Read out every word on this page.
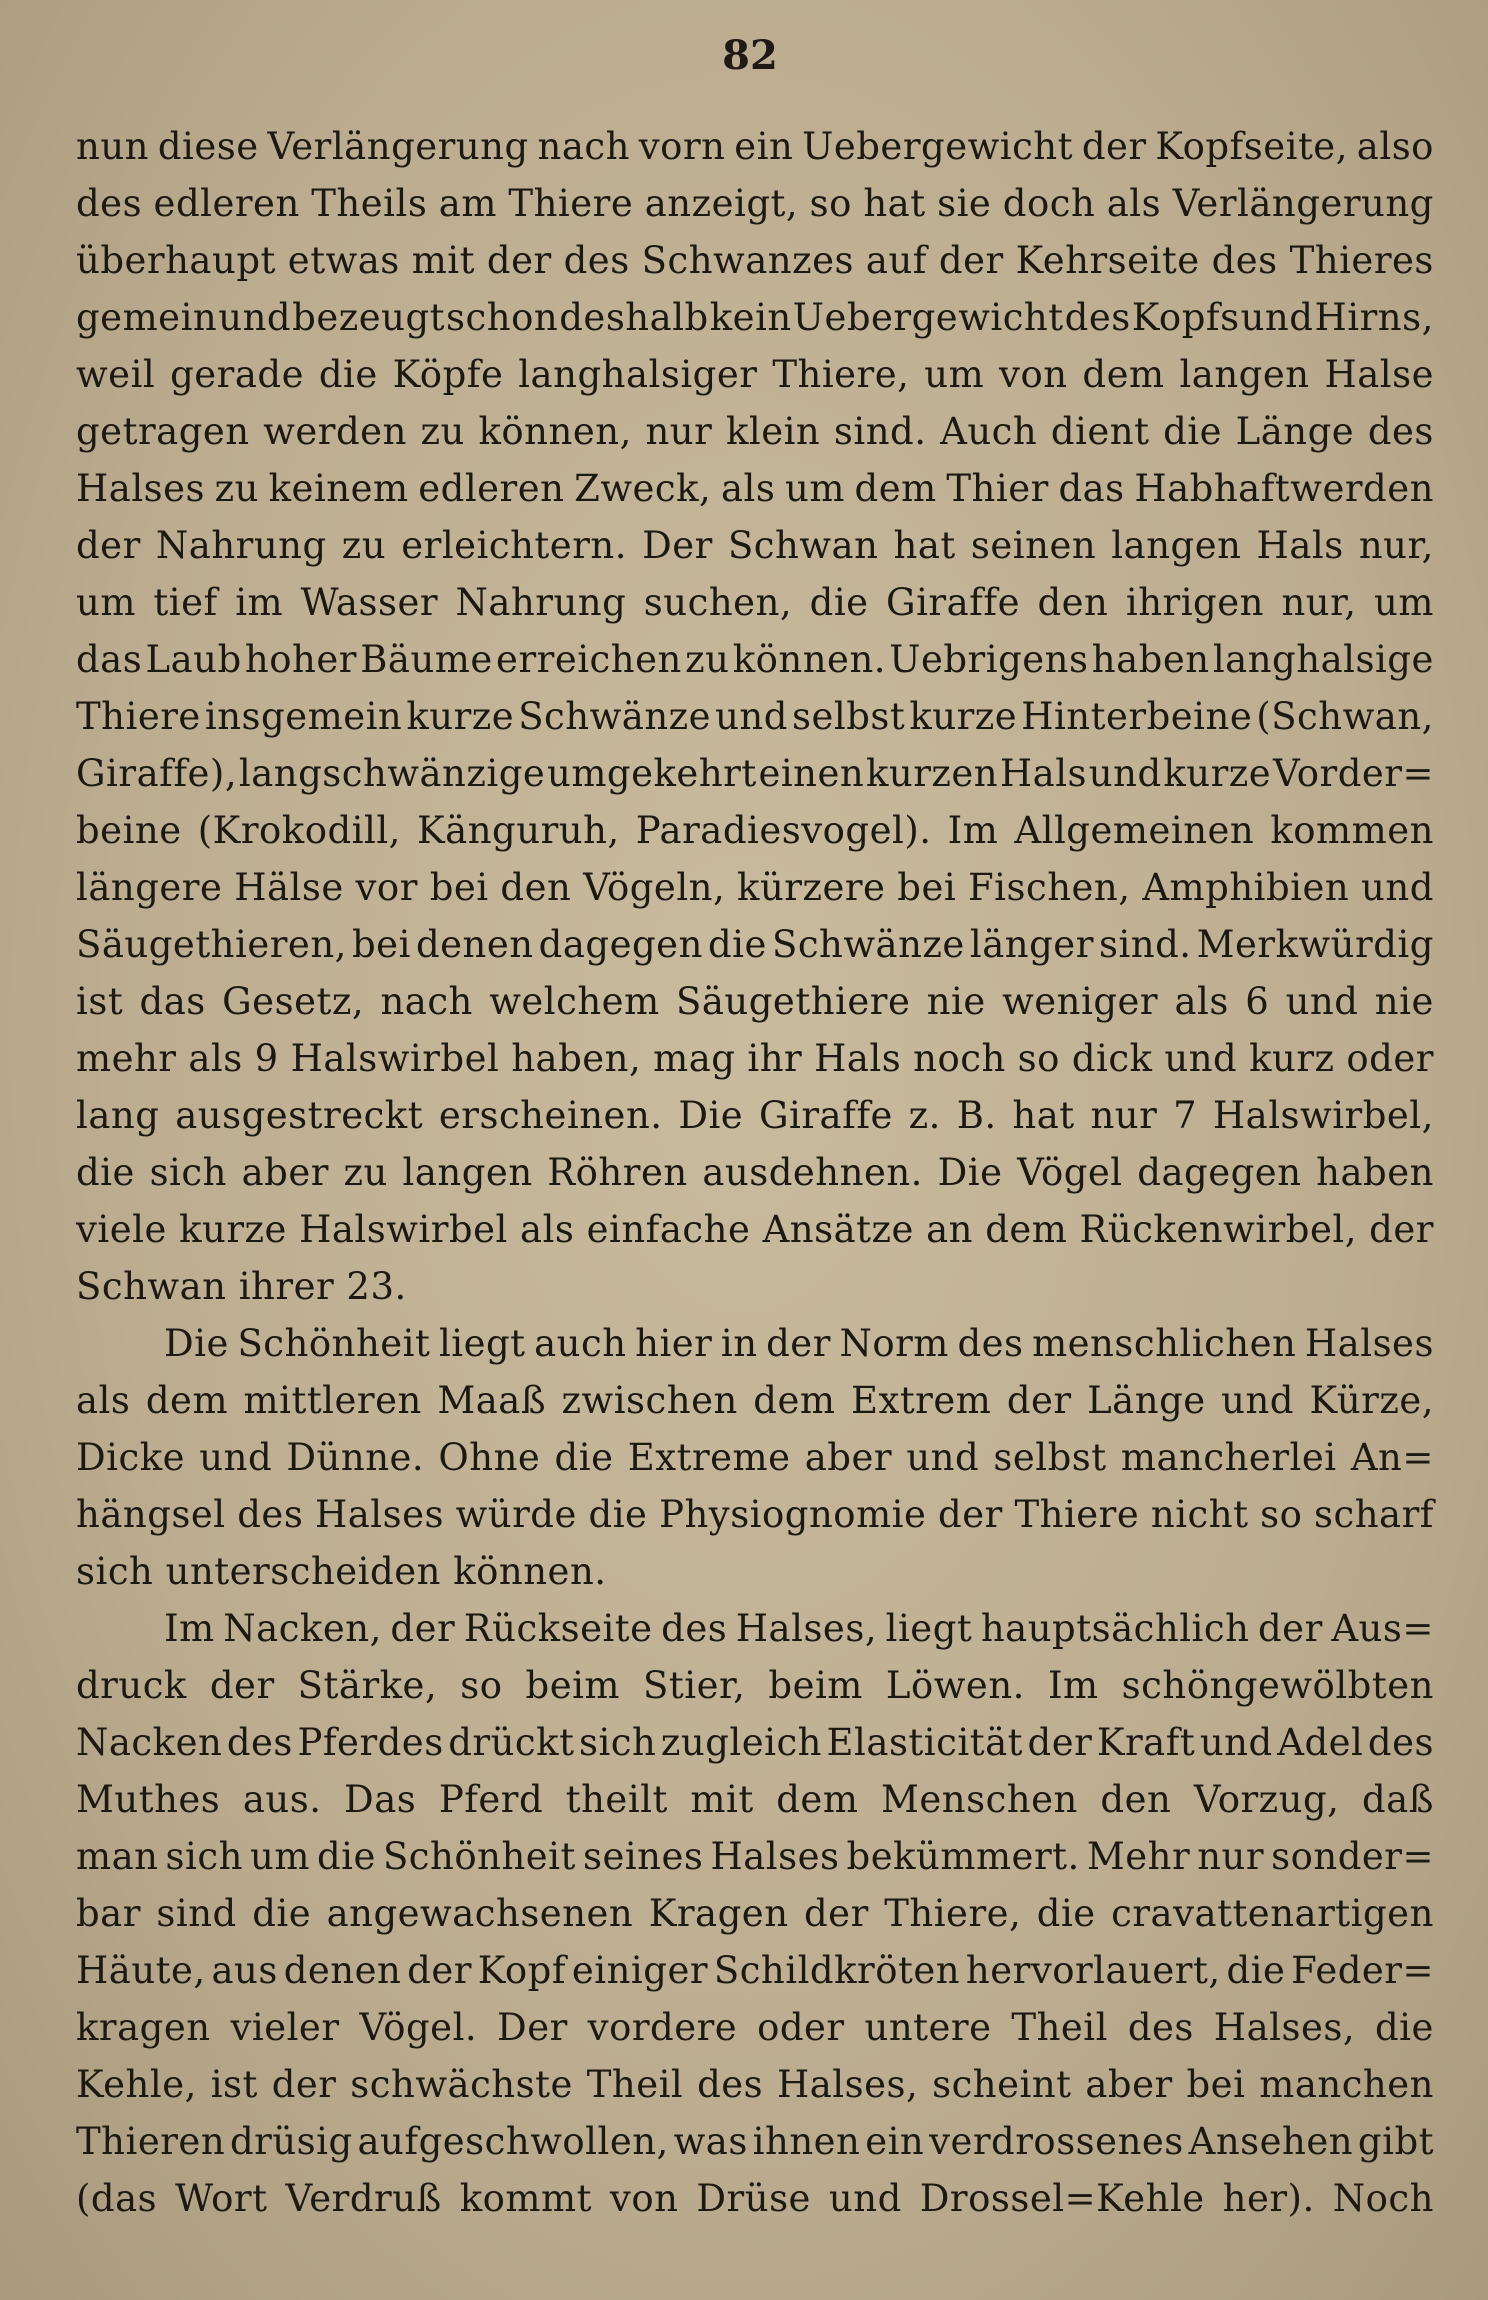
82
nun diese Verlängerung nach vorn ein Uebergewicht der Kopfseite, also
des edleren Theils am Thiere anzeigt, so hat sie doch als Verlängerung
überhaupt etwas mit der des Schwanzes auf der Kehrseite des Thieres
gemein und bezeugt schon deshalb kein Uebergewicht des Kopfs und Hirns,
weil gerade die Köpfe langhalsiger Thiere, um von dem langen Halse
getragen werden zu können, nur klein sind. Auch dient die Länge des
Halses zu keinem edleren Zweck, als um dem Thier das Habhaftwerden
der Nahrung zu erleichtern. Der Schwan hat seinen langen Hals nur,
um tief im Wasser Nahrung suchen, die Giraffe den ihrigen nur, um
das Laub hoher Bäume erreichen zu können. Uebrigens haben langhalsige
Thiere insgemein kurze Schwänze und selbst kurze Hinterbeine (Schwan,
Giraffe), langschwänzige umgekehrt einen kurzen Hals und kurze Vorder=
beine (Krokodill, Känguruh, Paradiesvogel). Im Allgemeinen kommen
längere Hälse vor bei den Vögeln, kürzere bei Fischen, Amphibien und
Säugethieren, bei denen dagegen die Schwänze länger sind. Merkwürdig
ist das Gesetz, nach welchem Säugethiere nie weniger als 6 und nie
mehr als 9 Halswirbel haben, mag ihr Hals noch so dick und kurz oder
lang ausgestreckt erscheinen. Die Giraffe z. B. hat nur 7 Halswirbel,
die sich aber zu langen Röhren ausdehnen. Die Vögel dagegen haben
viele kurze Halswirbel als einfache Ansätze an dem Rückenwirbel, der
Schwan ihrer 23.
Die Schönheit liegt auch hier in der Norm des menschlichen Halses
als dem mittleren Maaß zwischen dem Extrem der Länge und Kürze,
Dicke und Dünne. Ohne die Extreme aber und selbst mancherlei An=
hängsel des Halses würde die Physiognomie der Thiere nicht so scharf
sich unterscheiden können.
Im Nacken, der Rückseite des Halses, liegt hauptsächlich der Aus=
druck der Stärke, so beim Stier, beim Löwen. Im schöngewölbten
Nacken des Pferdes drückt sich zugleich Elasticität der Kraft und Adel des
Muthes aus. Das Pferd theilt mit dem Menschen den Vorzug, daß
man sich um die Schönheit seines Halses bekümmert. Mehr nur sonder=
bar sind die angewachsenen Kragen der Thiere, die cravattenartigen
Häute, aus denen der Kopf einiger Schildkröten hervorlauert, die Feder=
kragen vieler Vögel. Der vordere oder untere Theil des Halses, die
Kehle, ist der schwächste Theil des Halses, scheint aber bei manchen
Thieren drüsig aufgeschwollen, was ihnen ein verdrossenes Ansehen gibt
(das Wort Verdruß kommt von Drüse und Drossel=Kehle her). Noch
